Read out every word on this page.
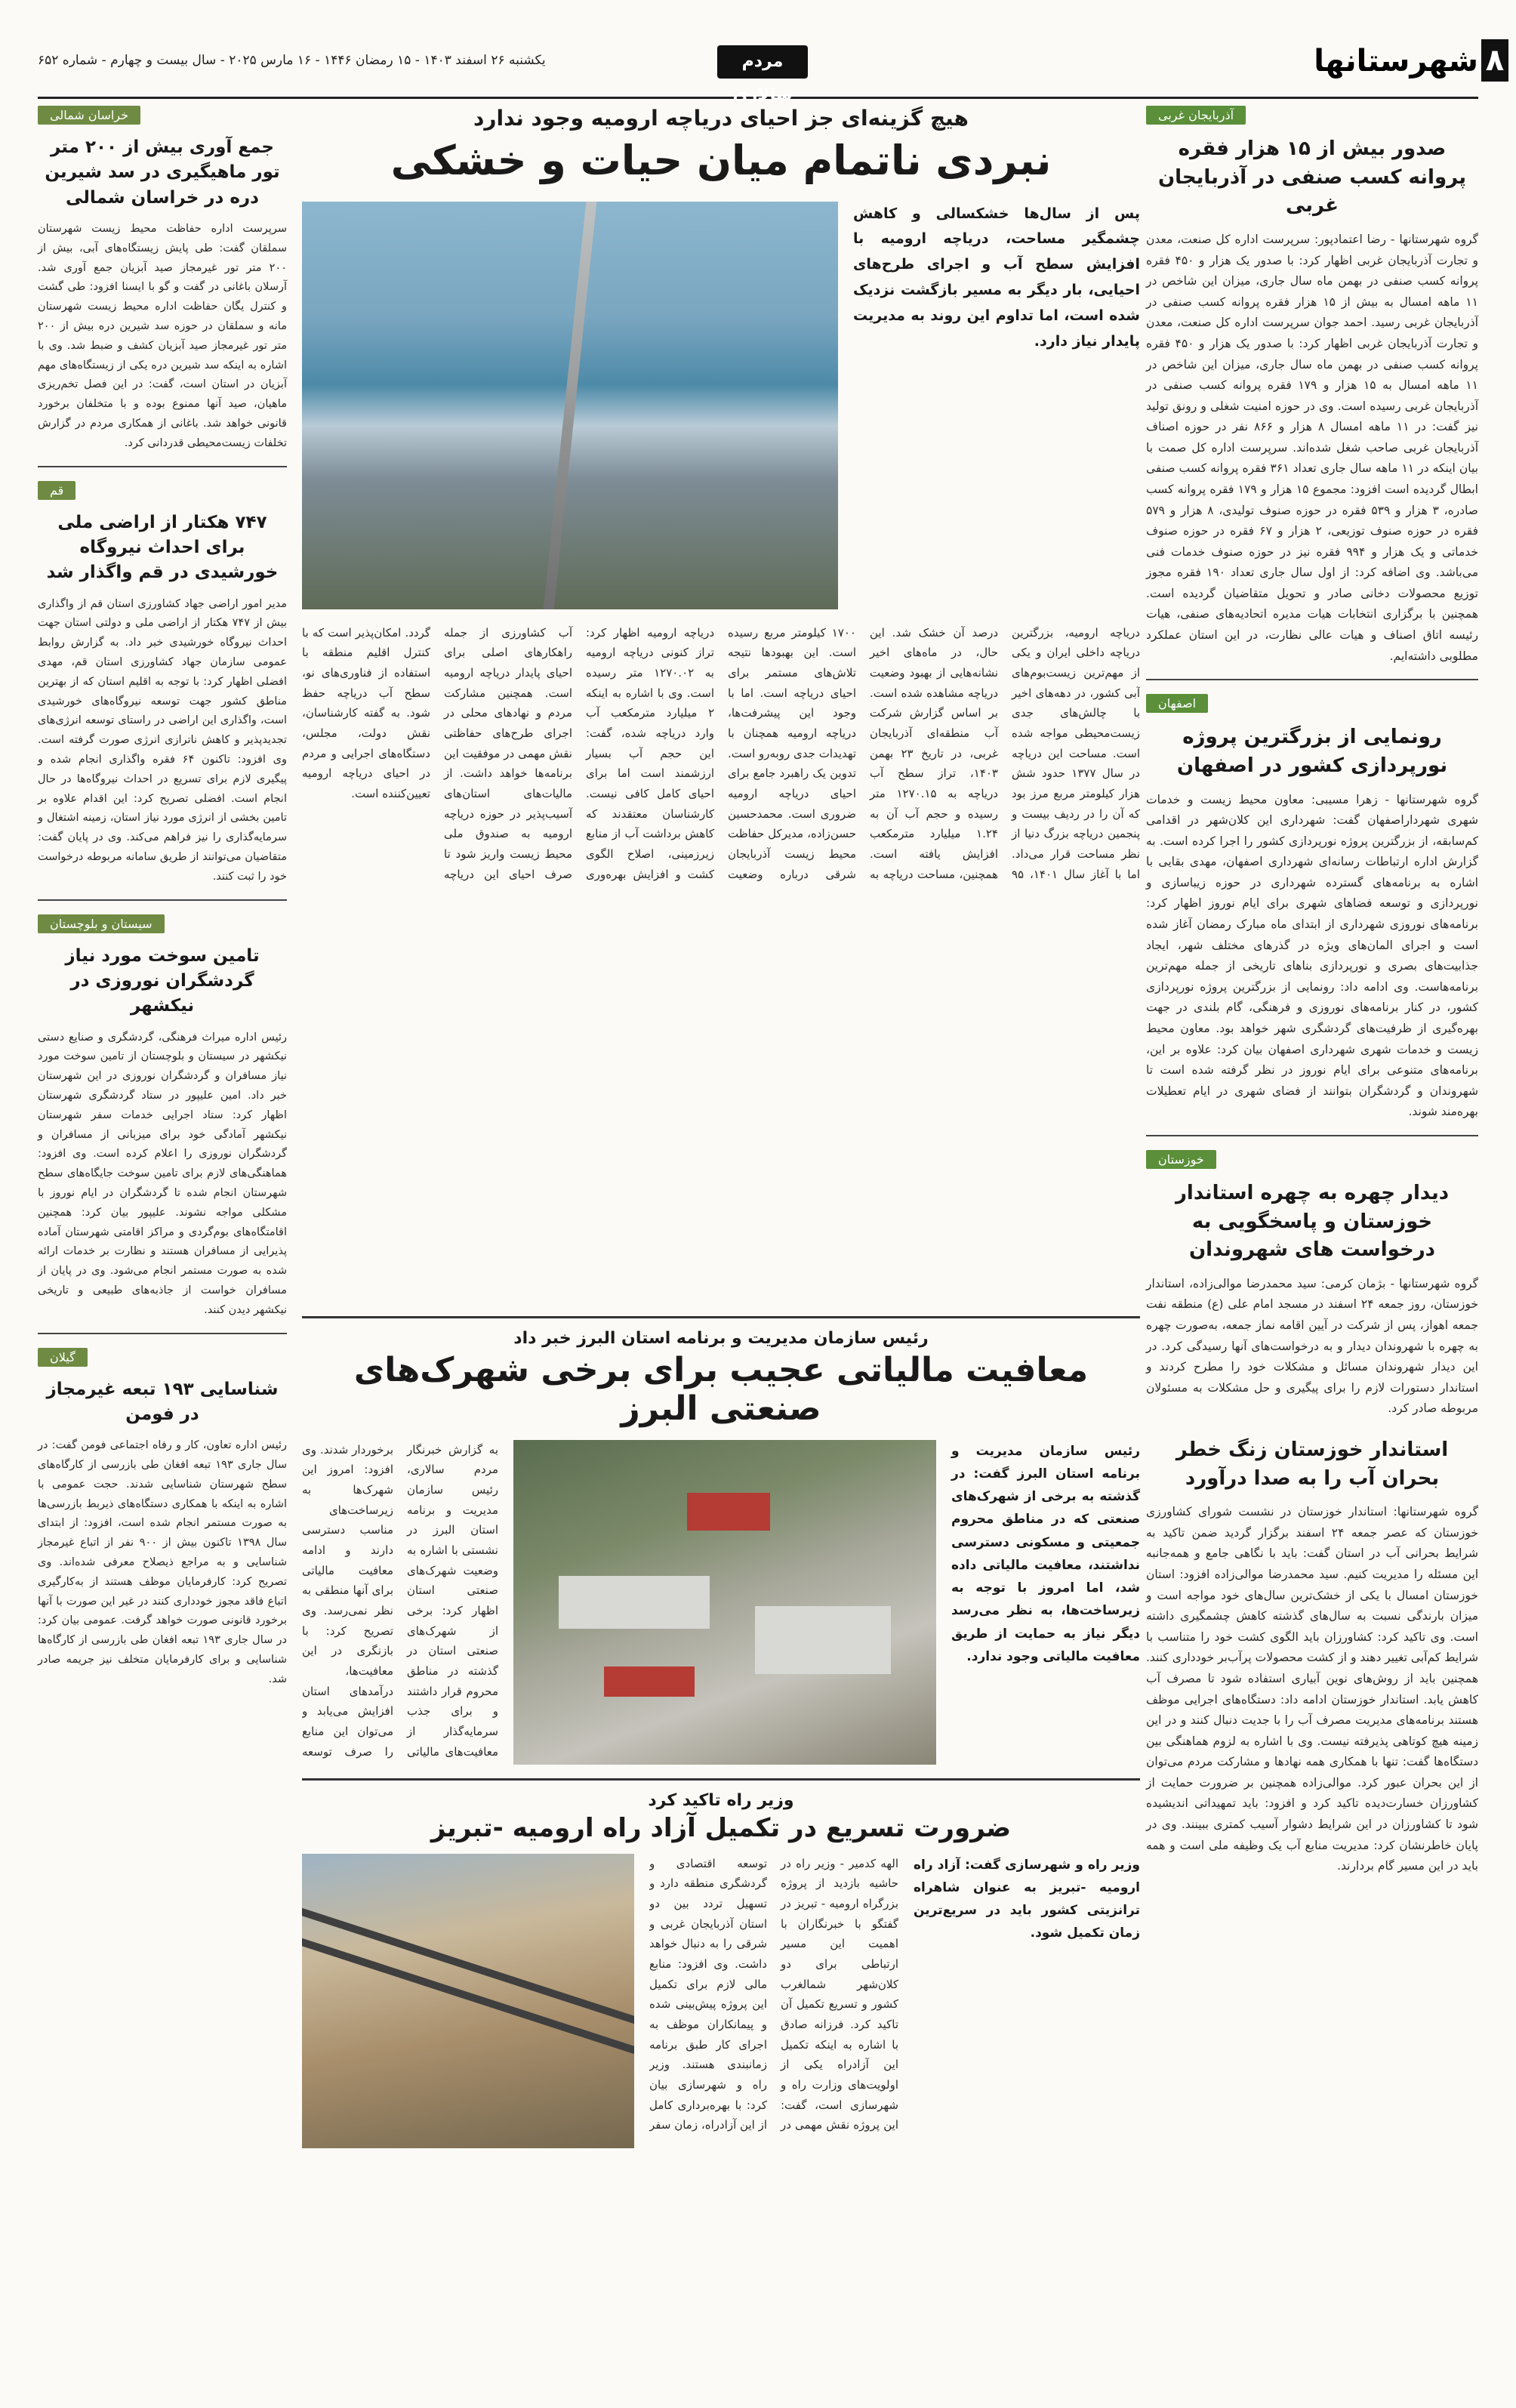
۸
شهرستانها
مردم سالاری
یکشنبه ۲۶ اسفند ۱۴۰۳ - ۱۵ رمضان ۱۴۴۶ - ۱۶ مارس ۲۰۲۵ - سال بیست و چهارم - شماره ۶۵۲
آذربایجان غربی
صدور بیش از ۱۵ هزار فقره پروانه کسب صنفی در آذربایجان غربی
گروه شهرستانها - رضا اعتمادپور: سرپرست اداره کل صنعت، معدن و تجارت آذربایجان غربی اظهار کرد: با صدور یک هزار و ۴۵۰ فقره پروانه کسب صنفی در بهمن ماه سال جاری، میزان این شاخص در ۱۱ ماهه امسال به بیش از ۱۵ هزار فقره پروانه کسب صنفی در آذربایجان غربی رسید. احمد جوان سرپرست اداره کل صنعت، معدن و تجارت آذربایجان غربی اظهار کرد: با صدور یک هزار و ۴۵۰ فقره پروانه کسب صنفی در بهمن ماه سال جاری، میزان این شاخص در ۱۱ ماهه امسال به ۱۵ هزار و ۱۷۹ فقره پروانه کسب صنفی در آذربایجان غربی رسیده‌ است. وی در حوزه امنیت شغلی و رونق تولید نیز گفت: در ۱۱ ماهه امسال ۸ هزار و ۸۶۶ نفر در حوزه اصناف آذربایجان غربی صاحب شغل شده‌اند. سرپرست اداره کل صمت با بیان اینکه در ۱۱ ماهه سال جاری تعداد ۳۶۱ فقره پروانه کسب صنفی ابطال گردیده است افزود: مجموع ۱۵ هزار و ۱۷۹ فقره پروانه کسب صادره، ۳ هزار و ۵۳۹ فقره در حوزه صنوف تولیدی، ۸ هزار و ۵۷۹ فقره در حوزه صنوف توزیعی، ۲ هزار و ۶۷ فقره در حوزه صنوف خدماتی و یک هزار و ۹۹۴ فقره نیز در حوزه صنوف خدمات فنی می‌باشد. وی اضافه کرد: از اول سال جاری تعداد ۱۹۰ فقره مجوز توزیع محصولات دخانی صادر و تحویل متقاضیان گردیده است. همچنین با برگزاری انتخابات هیات مدیره اتحادیه‌های صنفی، هیات رئیسه اتاق اصناف و هیات عالی نظارت، در این استان عملکرد مطلوبی داشته‌ایم.
اصفهان
رونمایی از بزرگترین پروژه نورپردازی کشور در اصفهان
گروه شهرستانها - زهرا مسیبی: معاون محیط زیست و خدمات شهری شهرداراصفهان گفت: شهرداری این کلان‌شهر در اقدامی کم‌سابقه، از بزرگترین پروژه نورپردازی کشور را اجرا کرده است. به گزارش اداره ارتباطات رسانه‌ای شهرداری اصفهان، مهدی بقایی با اشاره به برنامه‌های گسترده شهرداری در حوزه زیباسازی و نورپردازی و توسعه فضاهای شهری برای ایام نوروز اظهار کرد: برنامه‌های نوروزی شهرداری از ابتدای ماه مبارک رمضان آغاز شده است و اجرای المان‌های ویژه در گذرهای مختلف شهر، ایجاد جذابیت‌های بصری و نورپردازی بناهای تاریخی از جمله مهم‌ترین برنامه‌هاست. وی ادامه داد: رونمایی از بزرگترین پروژه نورپردازی کشور، در کنار برنامه‌های نوروزی و فرهنگی، گام بلندی در جهت بهره‌گیری از ظرفیت‌های گردشگری شهر خواهد بود. معاون محیط زیست و خدمات شهری شهرداری اصفهان بیان کرد: علاوه بر این، برنامه‌های متنوعی برای ایام نوروز در نظر گرفته شده است تا شهروندان و گردشگران بتوانند از فضای شهری در ایام تعطیلات بهره‌مند شوند.
خوزستان
دیدار چهره به چهره استاندار خوزستان و پاسخگویی به درخواست های شهروندان
گروه شهرستانها - بژمان کرمی: سید محمدرضا موالی‌زاده، استاندار خوزستان، روز جمعه ۲۴ اسفند در مسجد امام علی (ع) منطقه نفت جمعه اهواز، پس از شرکت در آیین اقامه نماز جمعه، به‌صورت چهره به چهره با شهروندان دیدار و به درخواست‌های آنها رسیدگی کرد. در این دیدار شهروندان مسائل و مشکلات خود را مطرح کردند و استاندار دستورات لازم را برای پیگیری و حل مشکلات به مسئولان مربوطه صادر کرد.
استاندار خوزستان زنگ خطر بحران آب را به صدا درآورد
گروه شهرستانها: استاندار خوزستان در نشست شورای کشاورزی خوزستان که عصر جمعه ۲۴ اسفند برگزار گردید ضمن تاکید به شرایط بحرانی آب در استان گفت: باید با نگاهی جامع و همه‌جانبه این مسئله را مدیریت کنیم. سید محمدرضا موالی‌زاده افزود: استان خوزستان امسال با یکی از خشک‌ترین سال‌های خود مواجه است و میزان بارندگی نسبت به سال‌های گذشته کاهش چشمگیری داشته است. وی تاکید کرد: کشاورزان باید الگوی کشت خود را متناسب با شرایط کم‌آبی تغییر دهند و از کشت محصولات پرآب‌بر خودداری کنند. همچنین باید از روش‌های نوین آبیاری استفاده شود تا مصرف آب کاهش یابد. استاندار خوزستان ادامه داد: دستگاه‌های اجرایی موظف هستند برنامه‌های مدیریت مصرف آب را با جدیت دنبال کنند و در این زمینه هیچ کوتاهی پذیرفته نیست. وی با اشاره به لزوم هماهنگی بین دستگاه‌ها گفت: تنها با همکاری همه نهادها و مشارکت مردم می‌توان از این بحران عبور کرد. موالی‌زاده همچنین بر ضرورت حمایت از کشاورزان خسارت‌دیده تاکید کرد و افزود: باید تمهیداتی اندیشیده شود تا کشاورزان در این شرایط دشوار آسیب کمتری ببینند. وی در پایان خاطرنشان کرد: مدیریت منابع آب یک وظیفه ملی است و همه باید در این مسیر گام بردارند.
خراسان شمالی
جمع آوری بیش از ۲۰۰ متر تور ماهیگیری در سد شیرین دره در خراسان شمالی
سرپرست اداره حفاظت محیط زیست شهرستان سملقان گفت: طی پایش زیستگاه‌های آبی، بیش از ۲۰۰ متر تور غیرمجاز صید آبزیان جمع آوری شد. آرسلان باغانی در گفت و گو با ایسنا افزود: طی گشت و کنترل یگان حفاظت اداره محیط زیست شهرستان مانه و سملقان در حوزه سد شیرین دره بیش از ۲۰۰ متر تور غیرمجاز صید آبزیان کشف و ضبط شد. وی با اشاره به اینکه سد شیرین دره یکی از زیستگاه‌های مهم آبزیان در استان است، گفت: در این فصل تخم‌ریزی ماهیان، صید آنها ممنوع بوده و با متخلفان برخورد قانونی خواهد شد. باغانی از همکاری مردم در گزارش تخلفات زیست‌محیطی قدردانی کرد.
قم
۷۴۷ هکتار از اراضی ملی برای احداث نیروگاه خورشیدی در قم واگذار شد
مدیر امور اراضی جهاد کشاورزی استان قم از واگذاری بیش از ۷۴۷ هکتار از اراضی ملی و دولتی استان جهت احداث نیروگاه خورشیدی خبر داد. به گزارش روابط عمومی سازمان جهاد کشاورزی استان قم، مهدی افضلی اظهار کرد: با توجه به اقلیم استان که از بهترین مناطق کشور جهت توسعه نیروگاه‌های خورشیدی است، واگذاری این اراضی در راستای توسعه انرژی‌های تجدیدپذیر و کاهش ناترازی انرژی صورت گرفته است. وی افزود: تاکنون ۶۴ فقره واگذاری انجام شده و پیگیری لازم برای تسریع در احداث نیروگاه‌ها در حال انجام است. افضلی تصریح کرد: این اقدام علاوه بر تامین بخشی از انرژی مورد نیاز استان، زمینه اشتغال و سرمایه‌گذاری را نیز فراهم می‌کند. وی در پایان گفت: متقاضیان می‌توانند از طریق سامانه مربوطه درخواست خود را ثبت کنند.
سیستان و بلوچستان
تامین سوخت مورد نیاز گردشگران نوروزی در نیکشهر
رئیس اداره میراث فرهنگی، گردشگری و صنایع دستی نیکشهر در سیستان و بلوچستان از تامین سوخت مورد نیاز مسافران و گردشگران نوروزی در این شهرستان خبر داد. امین علیپور در ستاد گردشگری شهرستان اظهار کرد: ستاد اجرایی خدمات سفر شهرستان نیکشهر آمادگی خود برای میزبانی از مسافران و گردشگران نوروزی را اعلام کرده است. وی افزود: هماهنگی‌های لازم برای تامین سوخت جایگاه‌های سطح شهرستان انجام شده تا گردشگران در ایام نوروز با مشکلی مواجه نشوند. علیپور بیان کرد: همچنین اقامتگاه‌های بوم‌گردی و مراکز اقامتی شهرستان آماده پذیرایی از مسافران هستند و نظارت بر خدمات ارائه شده به صورت مستمر انجام می‌شود. وی در پایان از مسافران خواست از جاذبه‌های طبیعی و تاریخی نیکشهر دیدن کنند.
گیلان
شناسایی ۱۹۳ تبعه غیرمجاز در فومن
رئیس اداره تعاون، کار و رفاه اجتماعی فومن گفت: در سال جاری ۱۹۳ تبعه افغان طی بازرسی از کارگاه‌های سطح شهرستان شناسایی شدند. حجت عمومی با اشاره به اینکه با همکاری دستگاه‌های ذیربط بازرسی‌ها به صورت مستمر انجام شده است، افزود: از ابتدای سال ۱۳۹۸ تاکنون بیش از ۹۰۰ نفر از اتباع غیرمجاز شناسایی و به مراجع ذیصلاح معرفی شده‌اند. وی تصریح کرد: کارفرمایان موظف هستند از به‌کارگیری اتباع فاقد مجوز خودداری کنند در غیر این صورت با آنها برخورد قانونی صورت خواهد گرفت. عمومی بیان کرد: در سال جاری ۱۹۳ تبعه افغان طی بازرسی از کارگاه‌ها شناسایی و برای کارفرمایان متخلف نیز جریمه صادر شد.
هیچ گزینه‌ای جز احیای دریاچه ارومیه وجود ندارد
نبردی ناتمام میان حیات و خشکی
پس از سال‌ها خشکسالی و کاهش چشمگیر مساحت، دریاچه ارومیه با افزایش سطح آب و اجرای طرح‌های احیایی، بار دیگر به مسیر بازگشت نزدیک شده است، اما تداوم این روند به مدیریت پایدار نیاز دارد.
دریاچه ارومیه، بزرگترین دریاچه داخلی ایران و یکی از مهم‌ترین زیست‌بوم‌های آبی کشور، در دهه‌های اخیر با چالش‌های جدی زیست‌محیطی مواجه شده است. مساحت این دریاچه در سال ۱۳۷۷ حدود شش هزار کیلومتر مربع مرز بود که آن را در ردیف بیست و پنجمین دریاچه بزرگ دنیا از نظر مساحت قرار می‌داد. اما با آغاز سال ۱۴۰۱، ۹۵ درصد آن خشک شد. این حال، در ماه‌های اخیر نشانه‌هایی از بهبود وضعیت دریاچه مشاهده شده است. بر اساس گزارش شرکت آب منطقه‌ای آذربایجان غربی، در تاریخ ۲۳ بهمن ۱۴۰۳، تراز سطح آب دریاچه به ۱۲۷۰.۱۵ متر رسیده و حجم آب آن به ۱.۲۴ میلیارد مترمکعب افزایش یافته است. همچنین، مساحت دریاچه به ۱۷۰۰ کیلومتر مربع رسیده است. این بهبودها نتیجه تلاش‌های مستمر برای احیای دریاچه است. اما با وجود این پیشرفت‌ها، دریاچه ارومیه همچنان با تهدیدات جدی روبه‌رو است. تدوین یک راهبرد جامع برای احیای دریاچه ارومیه ضروری است. محمدحسین حسن‌زاده، مدیرکل حفاظت محیط زیست آذربایجان شرقی درباره وضعیت دریاچه ارومیه اظهار کرد: تراز کنونی دریاچه ارومیه به ۱۲۷۰.۰۲ متر رسیده است. وی با اشاره به اینکه ۲ میلیارد مترمکعب آب وارد دریاچه شده، گفت: این حجم آب بسیار ارزشمند است اما برای احیای کامل کافی نیست. کارشناسان معتقدند که کاهش برداشت آب از منابع زیرزمینی، اصلاح الگوی کشت و افزایش بهره‌وری آب کشاورزی از جمله راهکارهای اصلی برای احیای پایدار دریاچه ارومیه است. همچنین مشارکت مردم و نهادهای محلی در اجرای طرح‌های حفاظتی نقش مهمی در موفقیت این برنامه‌ها خواهد داشت. از مالیات‌های استان‌های آسیب‌پذیر در حوزه دریاچه ارومیه به صندوق ملی محیط زیست واریز شود تا صرف احیای این دریاچه گردد. امکان‌پذیر است که با کنترل اقلیم منطقه با استفاده از فناوری‌های نو، سطح آب دریاچه حفظ شود. به گفته کارشناسان، نقش دولت، مجلس، دستگاه‌های اجرایی و مردم در احیای دریاچه ارومیه تعیین‌کننده است.
رئیس سازمان مدیریت و برنامه استان البرز خبر داد
معافیت مالیاتی عجیب برای برخی شهرک‌های صنعتی البرز
رئیس سازمان مدیریت و برنامه استان البرز گفت: در گذشته به برخی از شهرک‌های صنعتی که در مناطق محروم جمعیتی و مسکونی دسترسی نداشتند، معافیت مالیاتی داده شد، اما امروز با توجه به زیرساخت‌ها، به نظر می‌رسد دیگر نیاز به حمایت از طریق معافیت مالیاتی وجود ندارد.
به گزارش خبرنگار مردم سالاری، رئیس سازمان مدیریت و برنامه استان البرز در نشستی با اشاره به وضعیت شهرک‌های صنعتی استان اظهار کرد: برخی از شهرک‌های صنعتی استان در گذشته در مناطق محروم قرار داشتند و برای جذب سرمایه‌گذار از معافیت‌های مالیاتی برخوردار شدند. وی افزود: امروز این شهرک‌ها به زیرساخت‌های مناسب دسترسی دارند و ادامه معافیت مالیاتی برای آنها منطقی به نظر نمی‌رسد. وی تصریح کرد: با بازنگری در این معافیت‌ها، درآمدهای استان افزایش می‌یابد و می‌توان این منابع را صرف توسعه
وزیر راه تاکید کرد
ضرورت تسریع در تکمیل آزاد راه ارومیه -تبریز
وزیر راه و شهرسازی گفت: آزاد راه ارومیه -تبریز به عنوان شاهراه ترانزیتی کشور باید در سریع‌ترین زمان تکمیل شود.
الهه کدمیر - وزیر راه در حاشیه بازدید از پروژه بزرگراه ارومیه - تبریز در گفتگو با خبرنگاران با اهمیت این مسیر ارتباطی برای دو کلان‌شهر شمالغرب کشور و تسریع تکمیل آن تاکید کرد. فرزانه صادق با اشاره به اینکه تکمیل این آزادراه یکی از اولویت‌های وزارت راه و شهرسازی است، گفت: این پروژه نقش مهمی در توسعه اقتصادی و گردشگری منطقه دارد و تسهیل تردد بین دو استان آذربایجان غربی و شرقی را به دنبال خواهد داشت. وی افزود: منابع مالی لازم برای تکمیل این پروژه پیش‌بینی شده و پیمانکاران موظف به اجرای کار طبق برنامه زمانبندی هستند. وزیر راه و شهرسازی بیان کرد: با بهره‌برداری کامل از این آزادراه، زمان سفر
